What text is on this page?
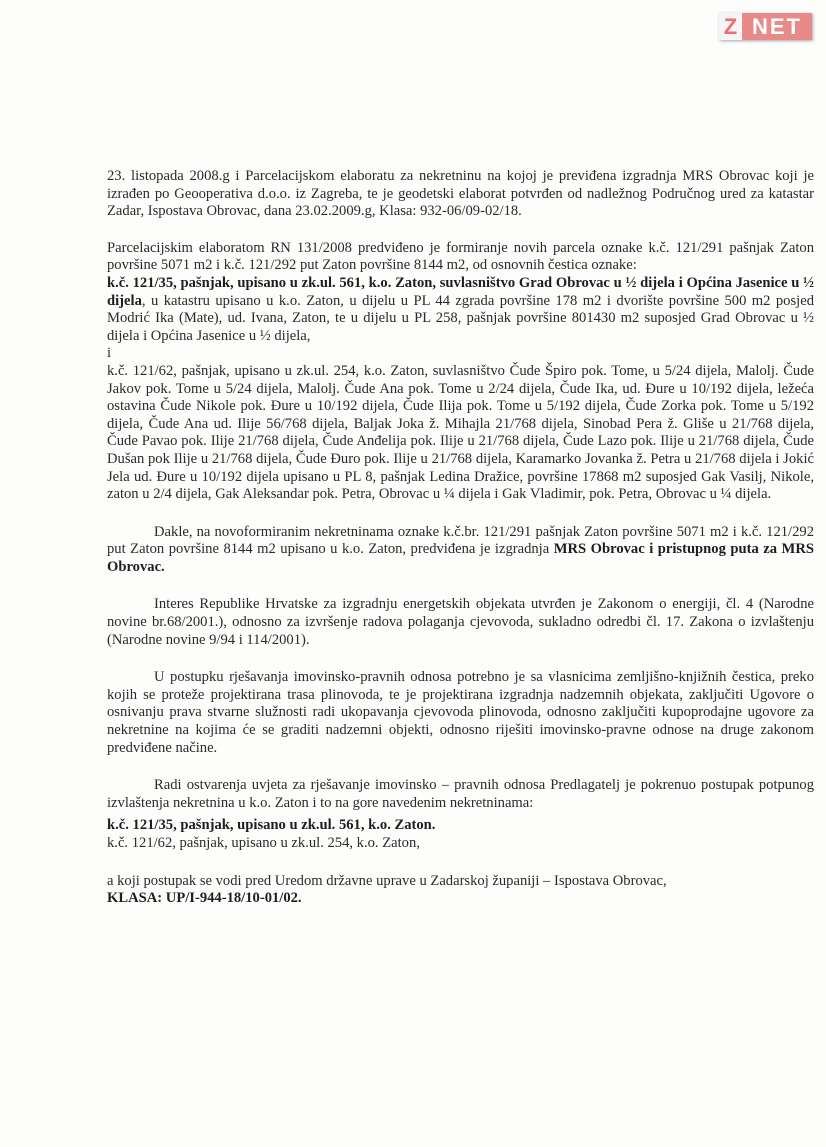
Z NET

23. listopada 2008.g i Parcelacijskom elaboratu za nekretninu na kojoj je previđena izgradnja MRS Obrovac koji je izrađen po Geooperativa d.o.o. iz Zagreba, te je geodetski elaborat potvrđen od nadležnog Područnog ured za katastar Zadar, Ispostava Obrovac, dana 23.02.2009.g, Klasa: 932-06/09-02/18.

Parcelacijskim elaboratom RN 131/2008 predviđeno je formiranje novih parcela oznake k.č. 121/291 pašnjak Zaton površine 5071 m2 i k.č. 121/292 put Zaton površine 8144 m2, od osnovnih čestica oznake:

k.č. 121/35, pašnjak, upisano u zk.ul. 561, k.o. Zaton, suvlasništvo Grad Obrovac u ½ dijela i Općina Jasenice u ½ dijela, u katastru upisano u k.o. Zaton, u dijelu u PL 44 zgrada površine 178 m2 i dvorište površine 500 m2 posjed Modrić Ika (Mate), ud. Ivana, Zaton, te u dijelu u PL 258, pašnjak površine 801430 m2 suposjed Grad Obrovac u ½ dijela i Općina Jasenice u ½ dijela,

i

k.č. 121/62, pašnjak, upisano u zk.ul. 254, k.o. Zaton, suvlasništvo Čude Špiro pok. Tome, u 5/24 dijela, Malolj. Čude Jakov pok. Tome u 5/24 dijela, Malolj. Čude Ana pok. Tome u 2/24 dijela, Čude Ika, ud. Đure u 10/192 dijela, ležeća ostavina Čude Nikole pok. Đure u 10/192 dijela, Čude Ilija pok. Tome u 5/192 dijela, Čude Zorka pok. Tome u 5/192 dijela, Čude Ana ud. Ilije 56/768 dijela, Baljak Joka ž. Mihajla 21/768 dijela, Sinobad Pera ž. Gliše u 21/768 dijela, Čude Pavao pok. Ilije 21/768 dijela, Čude Anđelija pok. Ilije u 21/768 dijela, Čude Lazo pok. Ilije u 21/768 dijela, Čude Dušan pok Ilije u 21/768 dijela, Čude Đuro pok. Ilije u 21/768 dijela, Karamarko Jovanka ž. Petra u 21/768 dijela i Jokić Jela ud. Đure u 10/192 dijela upisano u PL 8, pašnjak Ledina Dražice, površine 17868 m2 suposjed Gak Vasilj, Nikole, zaton u 2/4 dijela, Gak Aleksandar pok. Petra, Obrovac u ¼ dijela i Gak Vladimir, pok. Petra, Obrovac u ¼ dijela.

Dakle, na novoformiranim nekretninama oznake k.č.br. 121/291 pašnjak Zaton površine 5071 m2 i k.č. 121/292 put Zaton površine 8144 m2 upisano u k.o. Zaton, predviđena je izgradnja MRS Obrovac i pristupnog puta za MRS Obrovac.

Interes Republike Hrvatske za izgradnju energetskih objekata utvrđen je Zakonom o energiji, čl. 4 (Narodne novine br.68/2001.), odnosno za izvršenje radova polaganja cjevovoda, sukladno odredbi čl. 17. Zakona o izvlaštenju (Narodne novine 9/94 i 114/2001).

U postupku rješavanja imovinsko-pravnih odnosa potrebno je sa vlasnicima zemljišno-knjižnih čestica, preko kojih se proteže projektirana trasa plinovoda, te je projektirana izgradnja nadzemnih objekata, zaključiti Ugovore o osnivanju prava stvarne služnosti radi ukopavanja cjevovoda plinovoda, odnosno zaključiti kupoprodajne ugovore za nekretnine na kojima će se graditi nadzemni objekti, odnosno riješiti imovinsko-pravne odnose na druge zakonom predviđene načine.

Radi ostvarenja uvjeta za rješavanje imovinsko – pravnih odnosa Predlagatelj je pokrenuo postupak potpunog izvlaštenja nekretnina u k.o. Zaton i to na gore navedenim nekretninama:

k.č. 121/35, pašnjak, upisano u zk.ul. 561, k.o. Zaton.

k.č. 121/62, pašnjak, upisano u zk.ul. 254, k.o. Zaton,

a koji postupak se vodi pred Uredom državne uprave u Zadarskoj županiji – Ispostava Obrovac,

KLASA: UP/I-944-18/10-01/02.
